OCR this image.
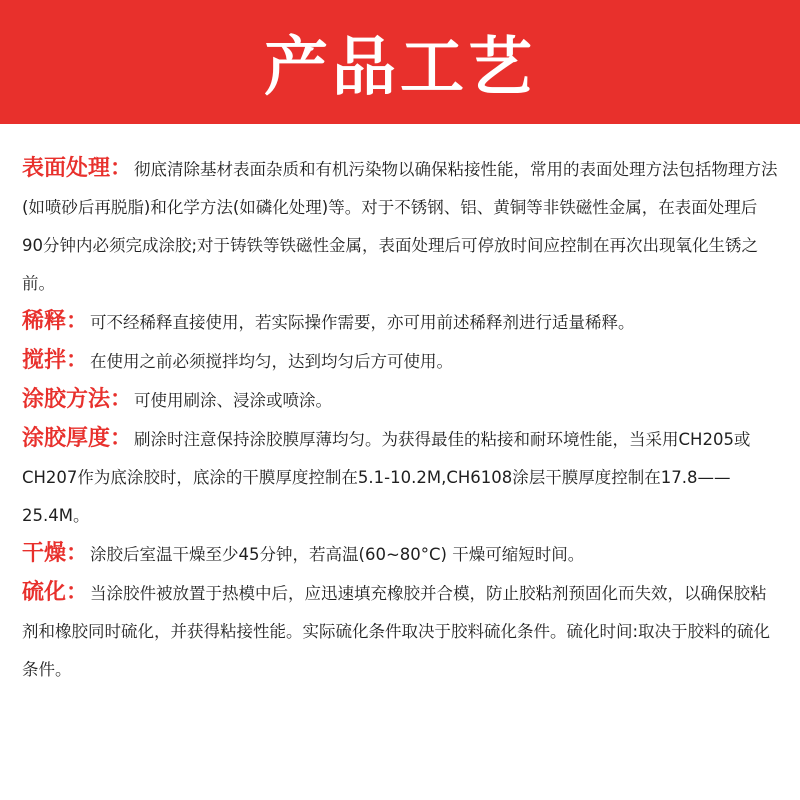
产品工艺
表面处理： 彻底清除基材表面杂质和有机污染物以确保粘接性能，常用的表面处理方法包括物理方法(如喷砂后再脱脂)和化学方法(如磷化处理)等。对于不锈钢、铝、黄铜等非铁磁性金属，在表面处理后90分钟内必须完成涂胶;对于铸铁等铁磁性金属，表面处理后可停放时间应控制在再次出现氧化生锈之前。
稀释： 可不经稀释直接使用，若实际操作需要，亦可用前述稀释剂进行适量稀释。
搅拌： 在使用之前必须搅拌均匀，达到均匀后方可使用。
涂胶方法： 可使用刷涂、浸涂或喷涂。
涂胶厚度： 刷涂时注意保持涂胶膜厚薄均匀。为获得最佳的粘接和耐环境性能，当采用CH205或CH207作为底涂胶时，底涂的干膜厚度控制在5.1-10.2M,CH6108涂层干膜厚度控制在17.8——25.4M。
干燥： 涂胶后室温干燥至少45分钟，若高温(60~80°C) 干燥可缩短时间。
硫化： 当涂胶件被放置于热模中后，应迅速填充橡胶并合模，防止胶粘剂预固化而失效，以确保胶粘剂和橡胶同时硫化，并获得粘接性能。实际硫化条件取决于胶料硫化条件。硫化时间:取决于胶料的硫化条件。
